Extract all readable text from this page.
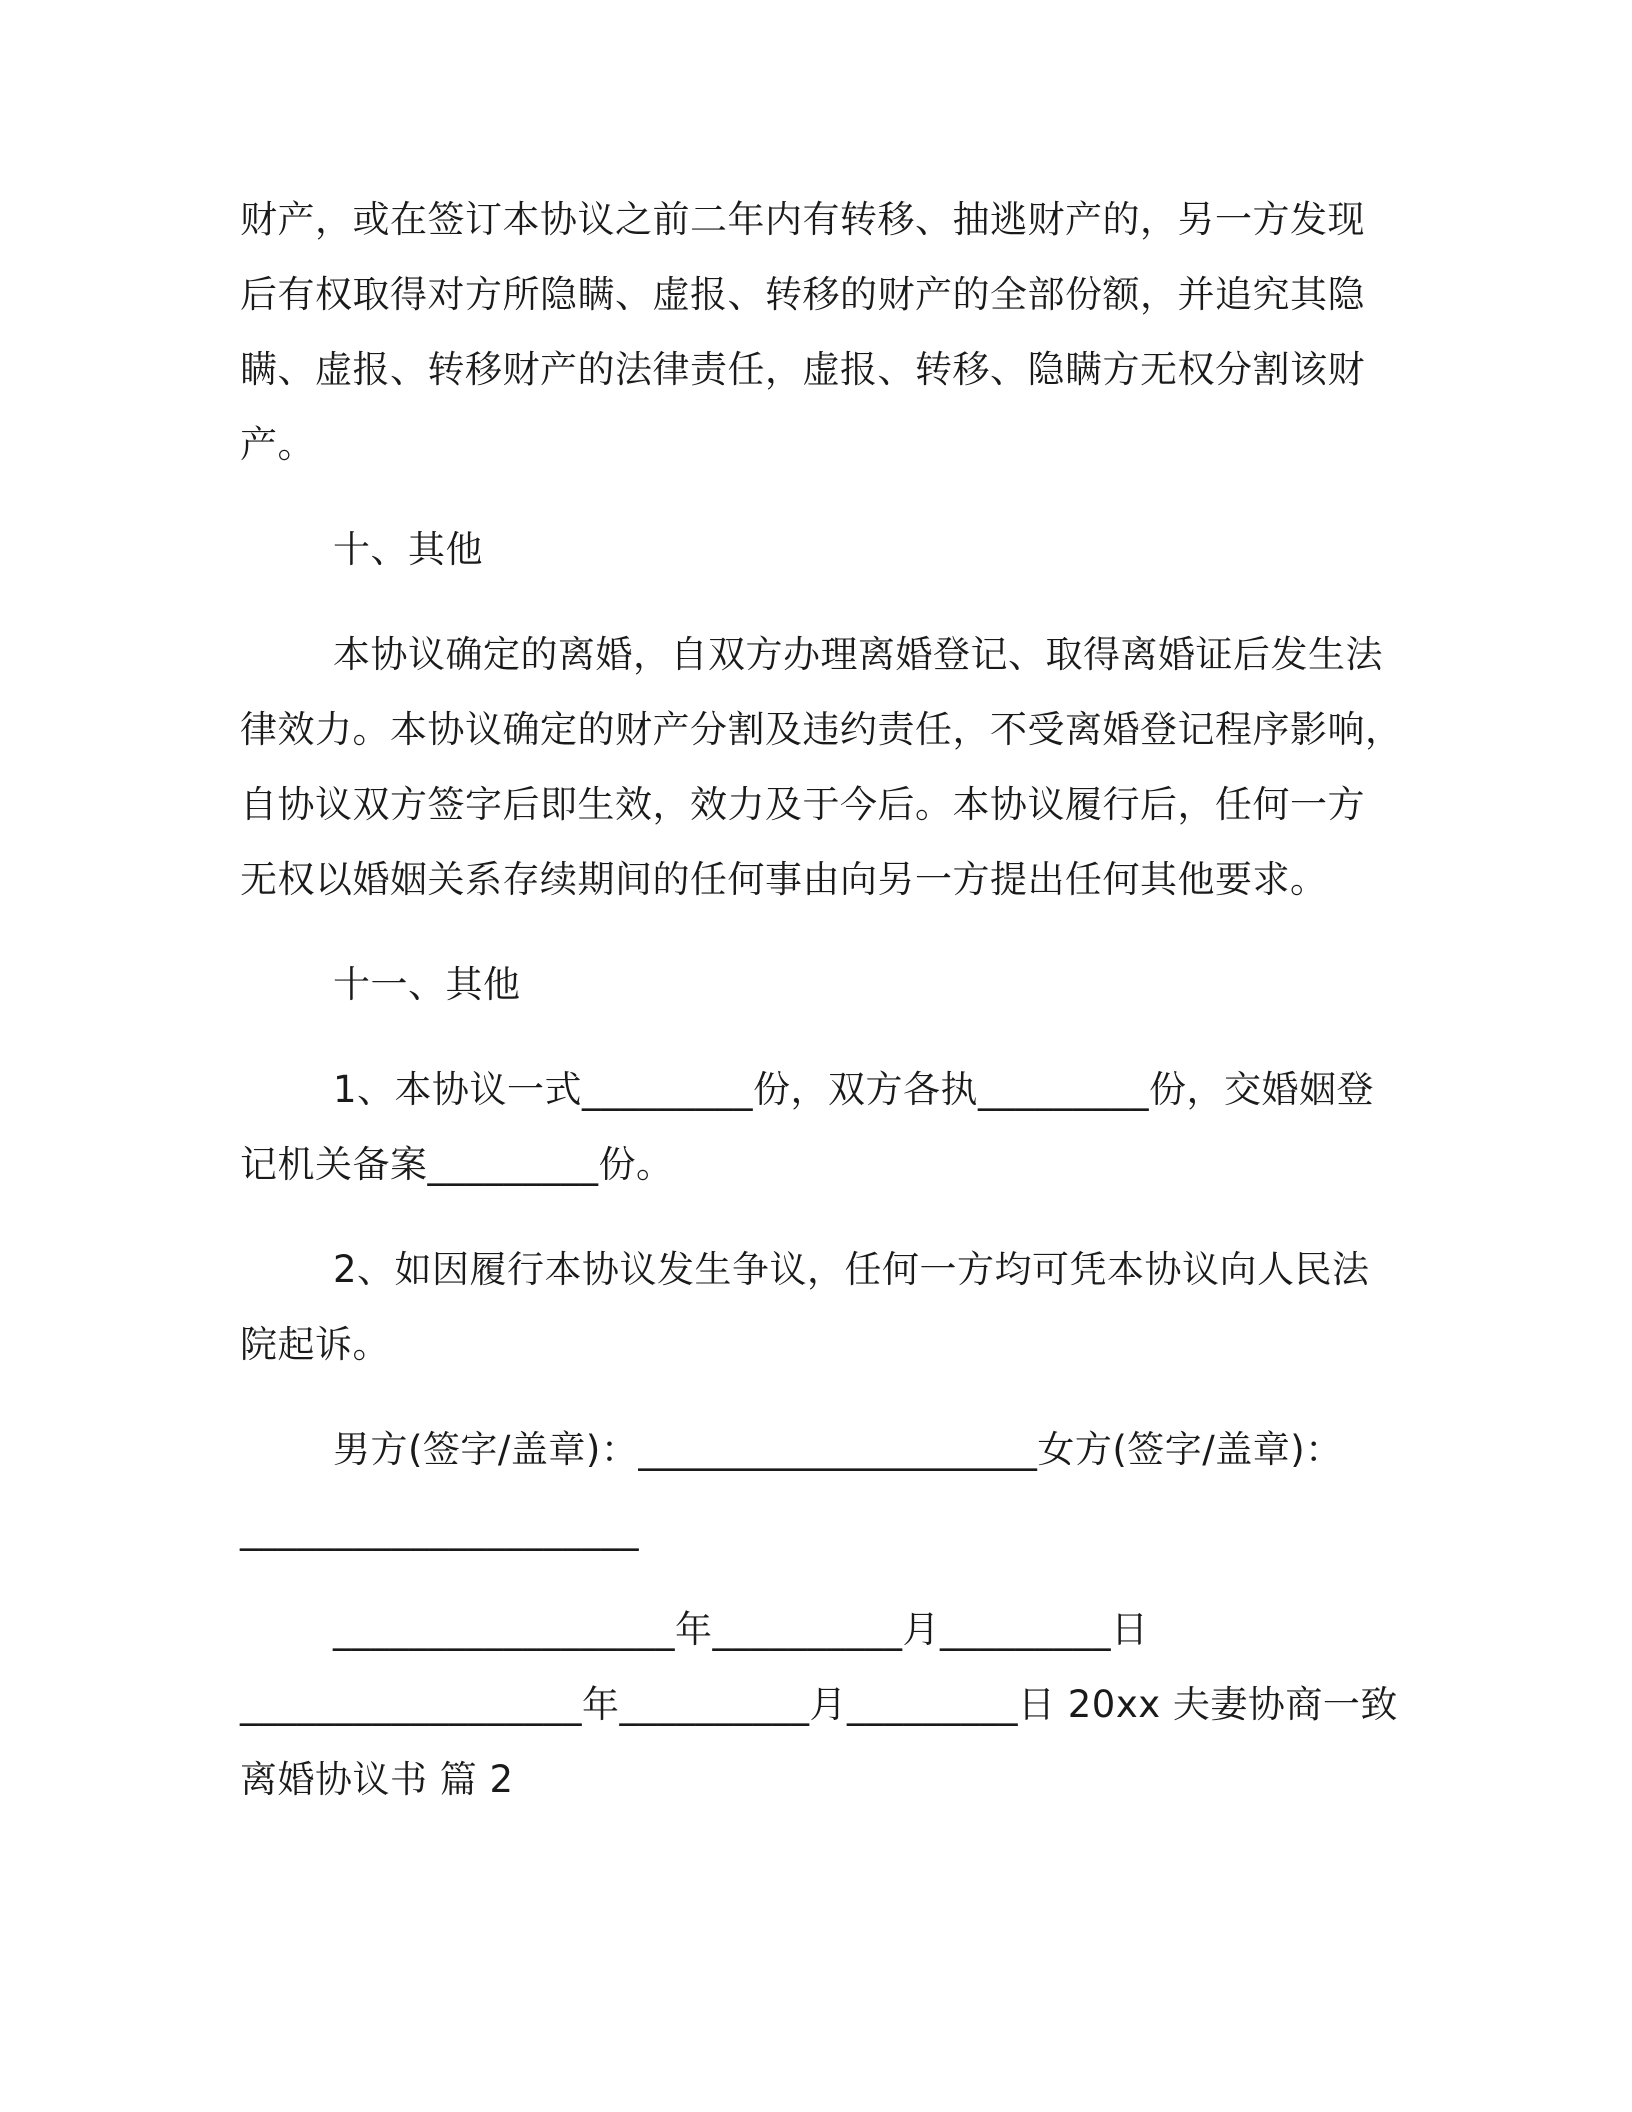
财产，或在签订本协议之前二年内有转移、抽逃财产的，另一方发现

后有权取得对方所隐瞒、虚报、转移的财产的全部份额，并追究其隐

瞒、虚报、转移财产的法律责任，虚报、转移、隐瞒方无权分割该财

产。

十、其他

本协议确定的离婚，自双方办理离婚登记、取得离婚证后发生法

律效力。本协议确定的财产分割及违约责任，不受离婚登记程序影响，

自协议双方签字后即生效，效力及于今后。本协议履行后，任何一方

无权以婚姻关系存续期间的任何事由向另一方提出任何其他要求。

十一、其他

1、本协议一式_________份，双方各执_________份，交婚姻登

记机关备案_________份。

2、如因履行本协议发生争议，任何一方均可凭本协议向人民法

院起诉。

男方(签字/盖章)：_____________________女方(签字/盖章)：

_____________________

__________________年__________月_________日

__________________年__________月_________日 20xx 夫妻协商一致

离婚协议书 篇 2
